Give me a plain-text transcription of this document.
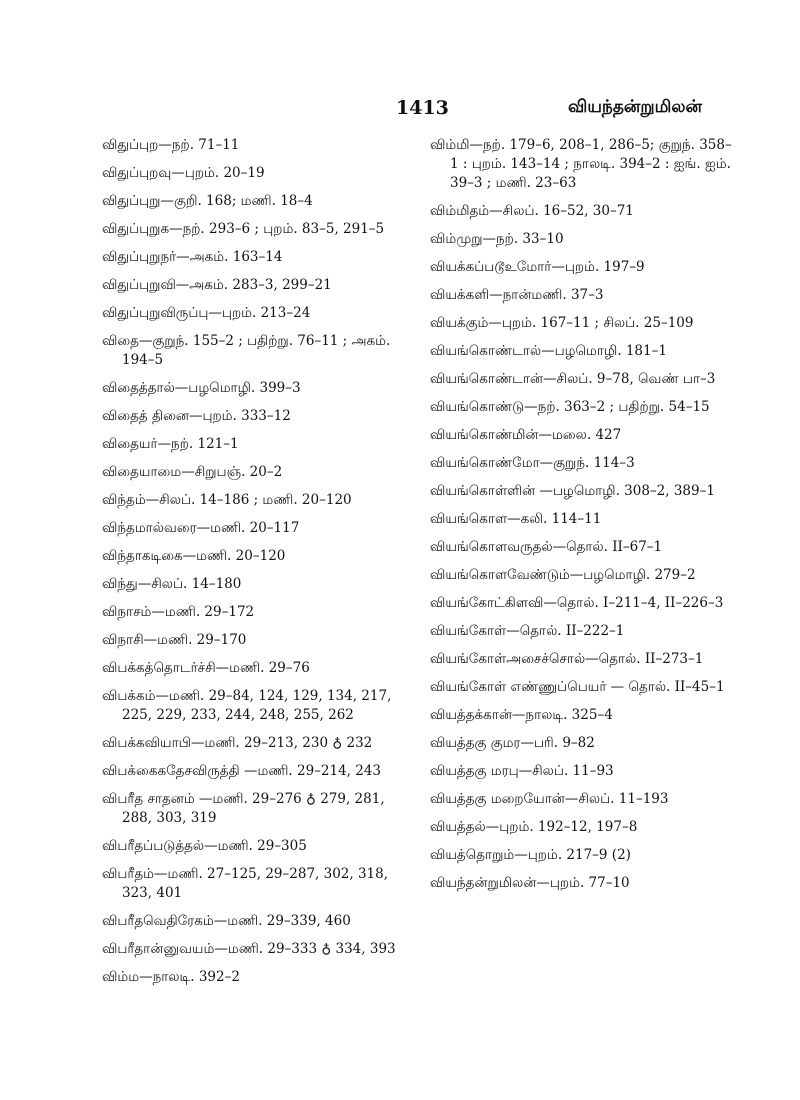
1413	வியந்தன்றுமிலன்
விதுப்புற—நற். 71–11
விதுப்புறவு—புறம். 20–19
விதுப்புறு—குறி. 168; மணி. 18–4
விதுப்புறுக—நற். 293–6 ; புறம். 83–5, 291–5
விதுப்புறுநர்—அகம். 163–14
விதுப்புறுவி—அகம். 283–3, 299–21
விதுப்புறுவிருப்பு—புறம். 213–24
விதை—குறுந். 155–2 ; பதிற்று. 76–11 ; அகம். 194–5
விதைத்தால்—பழமொழி. 399–3
விதைத் தினை—புறம். 333–12
விதையர்—நற். 121–1
விதையாமை—சிறுபஞ். 20–2
விந்தம்—சிலப். 14–186 ; மணி. 20–120
விந்தமால்வரை—மணி. 20–117
விந்தாகடிகை—மணி. 20–120
விந்து—சிலப். 14–180
விநாசம்—மணி. 29–172
விநாசி—மணி. 29–170
விபக்கத்தொடர்ச்சி—மணி. 29–76
விபக்கம்—மணி. 29–84, 124, 129, 134, 217, 225, 229, 233, 244, 248, 255, 262
விபக்கவியாபி—மணி. 29–213, 230 ♁ 232
விபக்கைகதேசவிருத்தி —மணி. 29–214, 243
விபரீத சாதனம் —மணி. 29–276 ♁ 279, 281, 288, 303, 319
விபரீதப்படுத்தல்—மணி. 29–305
விபரீதம்—மணி. 27–125, 29–287, 302, 318, 323, 401
விபரீதவெதிரேகம்—மணி. 29–339, 460
விபரீதான்னுவயம்—மணி. 29–333 ♁ 334, 393
விம்ம—நாலடி. 392–2
விம்மி—நற். 179–6, 208–1, 286–5; குறுந். 358–1 : புறம். 143–14 ; நாலடி. 394–2 : ஐங். ஐம். 39–3 ; மணி. 23–63
விம்மிதம்—சிலப். 16–52, 30–71
விம்முறு—நற். 33–10
வியக்கப்படூஉமோர்—புறம். 197–9
வியக்களி—நான்மணி. 37–3
வியக்கும்—புறம். 167–11 ; சிலப். 25–109
வியங்கொண்டால்—பழமொழி. 181–1
வியங்கொண்டான்—சிலப். 9–78, வெண் பா–3
வியங்கொண்டு—நற். 363–2 ; பதிற்று. 54–15
வியங்கொண்மின்—மலை. 427
வியங்கொண்மோ—குறுந். 114–3
வியங்கொள்ளின் —பழமொழி. 308–2, 389–1
வியங்கொள—கலி. 114–11
வியங்கொளவருதல்—தொல். II–67–1
வியங்கொளவேண்டும்—பழமொழி. 279–2
வியங்கோட்கிளவி—தொல். I–211–4, II–226–3
வியங்கோள்—தொல். II–222–1
வியங்கோள்அசைச்சொல்—தொல். II–273–1
வியங்கோள் எண்ணுப்பெயர் — தொல். II–45–1
வியத்தக்கான்—நாலடி. 325–4
வியத்தகு குமர—பரி. 9–82
வியத்தகு மரபு—சிலப். 11–93
வியத்தகு மறையோன்—சிலப். 11–193
வியத்தல்—புறம். 192–12, 197–8
வியத்தொறும்—புறம். 217–9 (2)
வியந்தன்றுமிலன்—புறம். 77–10
